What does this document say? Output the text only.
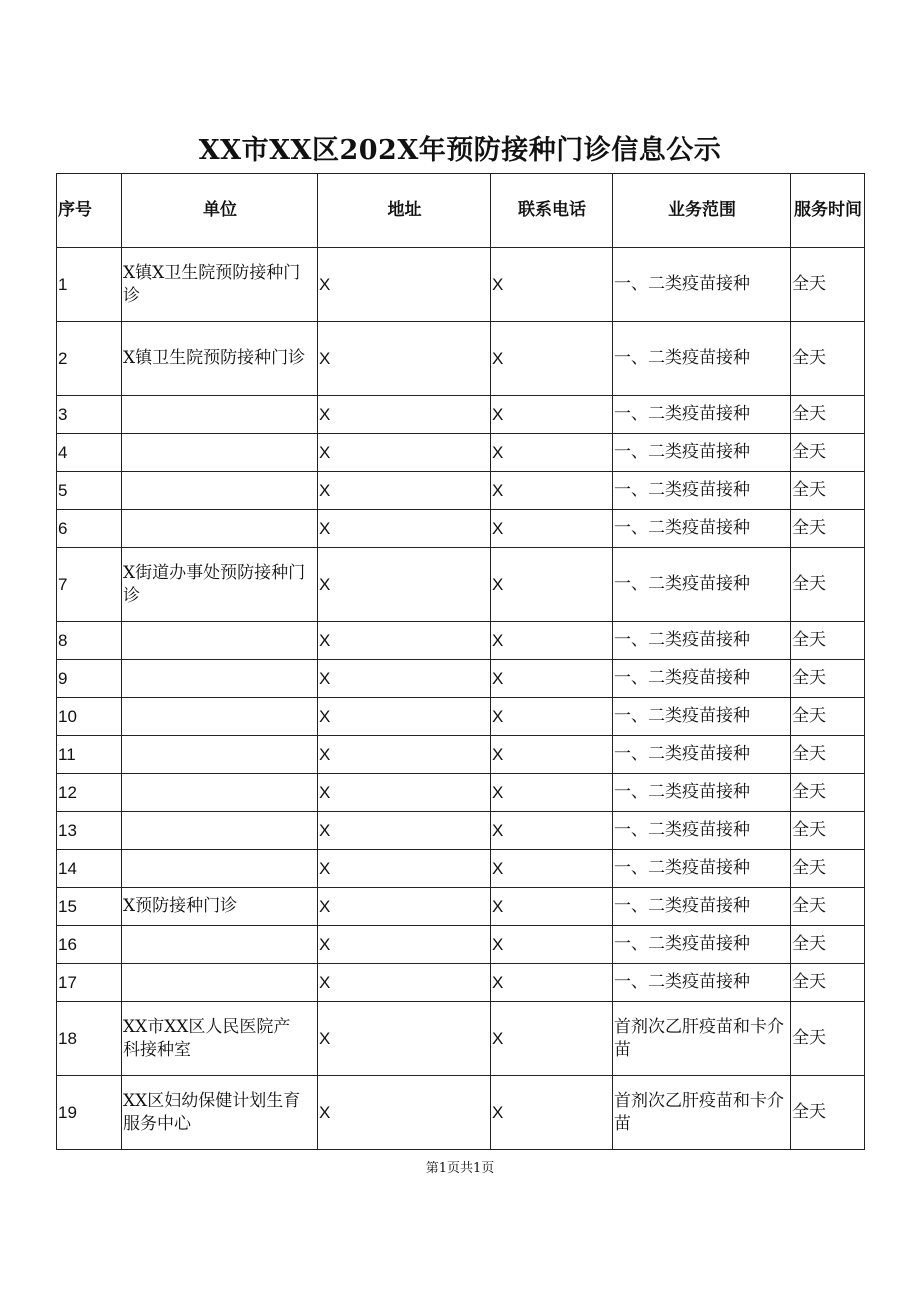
XX市XX区202X年预防接种门诊信息公示
序号	单位	地址	联系电话	业务范围	服务时间
1	X镇X卫生院预防接种门诊	X	X	一、二类疫苗接种	全天
2	X镇卫生院预防接种门诊	X	X	一、二类疫苗接种	全天
3		X	X	一、二类疫苗接种	全天
4		X	X	一、二类疫苗接种	全天
5		X	X	一、二类疫苗接种	全天
6		X	X	一、二类疫苗接种	全天
7	X街道办事处预防接种门诊	X	X	一、二类疫苗接种	全天
8		X	X	一、二类疫苗接种	全天
9		X	X	一、二类疫苗接种	全天
10		X	X	一、二类疫苗接种	全天
11		X	X	一、二类疫苗接种	全天
12		X	X	一、二类疫苗接种	全天
13		X	X	一、二类疫苗接种	全天
14		X	X	一、二类疫苗接种	全天
15	X预防接种门诊	X	X	一、二类疫苗接种	全天
16		X	X	一、二类疫苗接种	全天
17		X	X	一、二类疫苗接种	全天
18	XX市XX区人民医院产科接种室	X	X	首剂次乙肝疫苗和卡介苗	全天
19	XX区妇幼保健计划生育服务中心	X	X	首剂次乙肝疫苗和卡介苗	全天
第1页共1页
